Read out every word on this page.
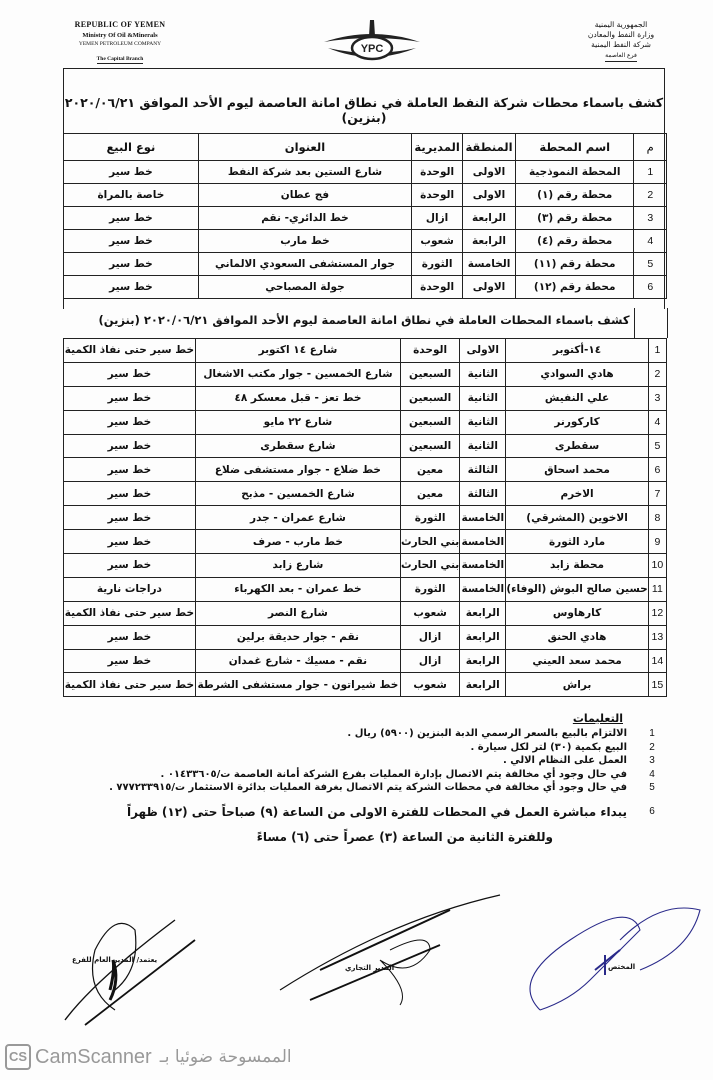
REPUBLIC OF YEMEN
Ministry Of Oil &Minerals
YEMEN PETROLEUM COMPANY
The Capital Branch
YPC
الجمهورية اليمنية
وزارة النفط والمعادن
شركة النفط اليمنية
فرع العاصمة
كشف باسماء محطات شركة النفط العاملة في نطاق امانة العاصمة ليوم الأحد الموافق ٢٠٢٠/٠٦/٢١ (بنزين)
م	اسم المحطة	المنطقة	المديرية	العنوان	نوع البيع
1	المحطة النموذجية	الاولى	الوحدة	شارع الستين بعد شركة النفط	خط سير
2	محطة رقم (١)	الاولى	الوحدة	فج عطان	خاصة بالمراة
3	محطة رقم (٣)	الرابعة	ازال	خط الدائري- نقم	خط سير
4	محطة رقم (٤)	الرابعة	شعوب	خط مارب	خط سير
5	محطة رقم (١١)	الخامسة	الثورة	جوار المستشفى السعودي الالماني	خط سير
6	محطة رقم (١٢)	الاولى	الوحدة	جولة المصباحي	خط سير
كشف باسماء المحطات العاملة في نطاق امانة العاصمة ليوم الأحد الموافق ٢٠٢٠/٠٦/٢١ (بنزين)
1	١٤-أكتوبر	الاولى	الوحدة	شارع ١٤ اكتوبر	خط سير حتى نفاذ الكمية
2	هادي السوادي	الثانية	السبعين	شارع الخمسين - جوار مكتب الاشغال	خط سير
3	علي النفيش	الثانية	السبعين	خط تعز - قبل معسكر ٤٨	خط سير
4	كاركورنر	الثانية	السبعين	شارع ٢٢ مايو	خط سير
5	سقطرى	الثانية	السبعين	شارع سقطرى	خط سير
6	محمد اسحاق	الثالثة	معين	خط ضلاع - جوار مستشفى ضلاع	خط سير
7	الاخرم	الثالثة	معين	شارع الخمسين - مذبح	خط سير
8	الاخوين (المشرقي)	الخامسة	الثورة	شارع عمران - جدر	خط سير
9	مارد الثورة	الخامسة	بني الحارث	خط مارب - صرف	خط سير
10	محطة زابد	الخامسة	بني الحارث	شارع زابد	خط سير
11	حسين صالح البوش (الوفاء)	الخامسة	الثورة	خط عمران - بعد الكهرباء	دراجات نارية
12	كارهاوس	الرابعة	شعوب	شارع النصر	خط سير حتى نفاذ الكمية
13	هادي الحنق	الرابعة	ازال	نقم - جوار حديقة برلين	خط سير
14	محمد سعد العيني	الرابعة	ازال	نقم - مسيك - شارع غمدان	خط سير
15	براش	الرابعة	شعوب	خط شيراتون - جوار مستشفى الشرطة	خط سير حتى نفاذ الكمية
التعليمات
1
الالتزام بالبيع بالسعر الرسمي الدبة البنزين (٥٩٠٠) ريال .
2
البيع بكمية (٣٠) لتر لكل سيارة .
3
العمل على النظام الالي .
4
في حال وجود أي مخالفة يتم الاتصال بإدارة العمليات بفرع الشركة أمانة العاصمة ت/٠١٤٣٣٦٠٥ .
5
في حال وجود أي مخالفة في محطات الشركة يتم الاتصال بغرفة العمليات بدائرة الاستثمار ت/٧٧٧٢٣٣٩١٥ .
6
يبداء مباشرة العمل في المحطات للفترة الاولى من الساعة (٩) صباحاً حتى (١٢) ظهراً
وللفترة الثانية من الساعة (٣) عصراً حتى (٦) مساءً
يعتمد/ المدير العام للفرع
المدير التجاري	المختص
CS CamScanner الممسوحة ضوئيا بـ
